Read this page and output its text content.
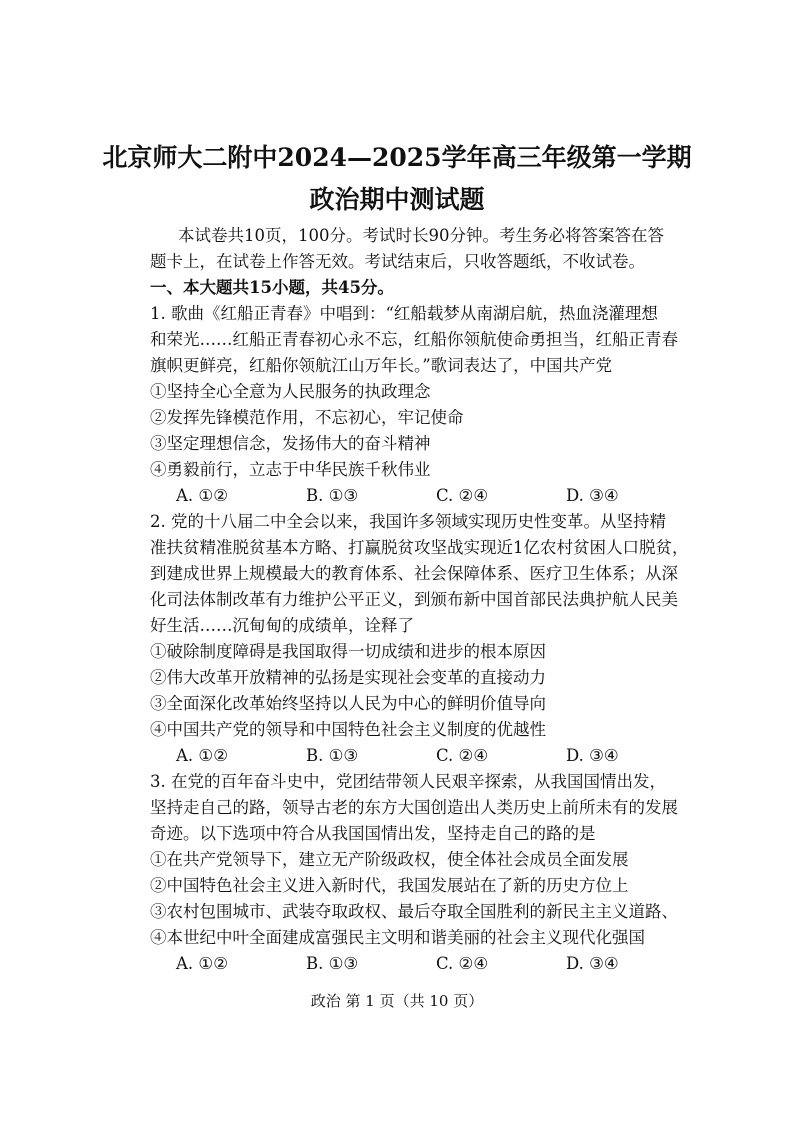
北京师大二附中2024—2025学年高三年级第一学期
政治期中测试题
本试卷共10页，100分。考试时长90分钟。考生务必将答案答在答
题卡上，在试卷上作答无效。考试结束后，只收答题纸，不收试卷。
一、本大题共15小题，共45分。
1. 歌曲《红船正青春》中唱到：“红船载梦从南湖启航，热血浇灌理想
和荣光……红船正青春初心永不忘，红船你领航使命勇担当，红船正青春
旗帜更鲜亮，红船你领航江山万年长。”歌词表达了，中国共产党
①坚持全心全意为人民服务的执政理念
②发挥先锋模范作用，不忘初心，牢记使命
③坚定理想信念，发扬伟大的奋斗精神
④勇毅前行，立志于中华民族千秋伟业
A. ①②	B. ①③	C. ②④	D. ③④
2. 党的十八届二中全会以来，我国许多领域实现历史性变革。从坚持精
准扶贫精准脱贫基本方略、打赢脱贫攻坚战实现近1亿农村贫困人口脱贫，
到建成世界上规模最大的教育体系、社会保障体系、医疗卫生体系；从深
化司法体制改革有力维护公平正义，到颁布新中国首部民法典护航人民美
好生活……沉甸甸的成绩单，诠释了
①破除制度障碍是我国取得一切成绩和进步的根本原因
②伟大改革开放精神的弘扬是实现社会变革的直接动力
③全面深化改革始终坚持以人民为中心的鲜明价值导向
④中国共产党的领导和中国特色社会主义制度的优越性
A. ①②	B. ①③	C. ②④	D. ③④
3. 在党的百年奋斗史中，党团结带领人民艰辛探索，从我国国情出发，
坚持走自己的路，领导古老的东方大国创造出人类历史上前所未有的发展
奇迹。以下选项中符合从我国国情出发，坚持走自己的路的是
①在共产党领导下，建立无产阶级政权，使全体社会成员全面发展
②中国特色社会主义进入新时代，我国发展站在了新的历史方位上
③农村包围城市、武装夺取政权、最后夺取全国胜利的新民主主义道路、
④本世纪中叶全面建成富强民主文明和谐美丽的社会主义现代化强国
A. ①②	B. ①③	C. ②④	D. ③④
政治 第 1 页（共 10 页）
